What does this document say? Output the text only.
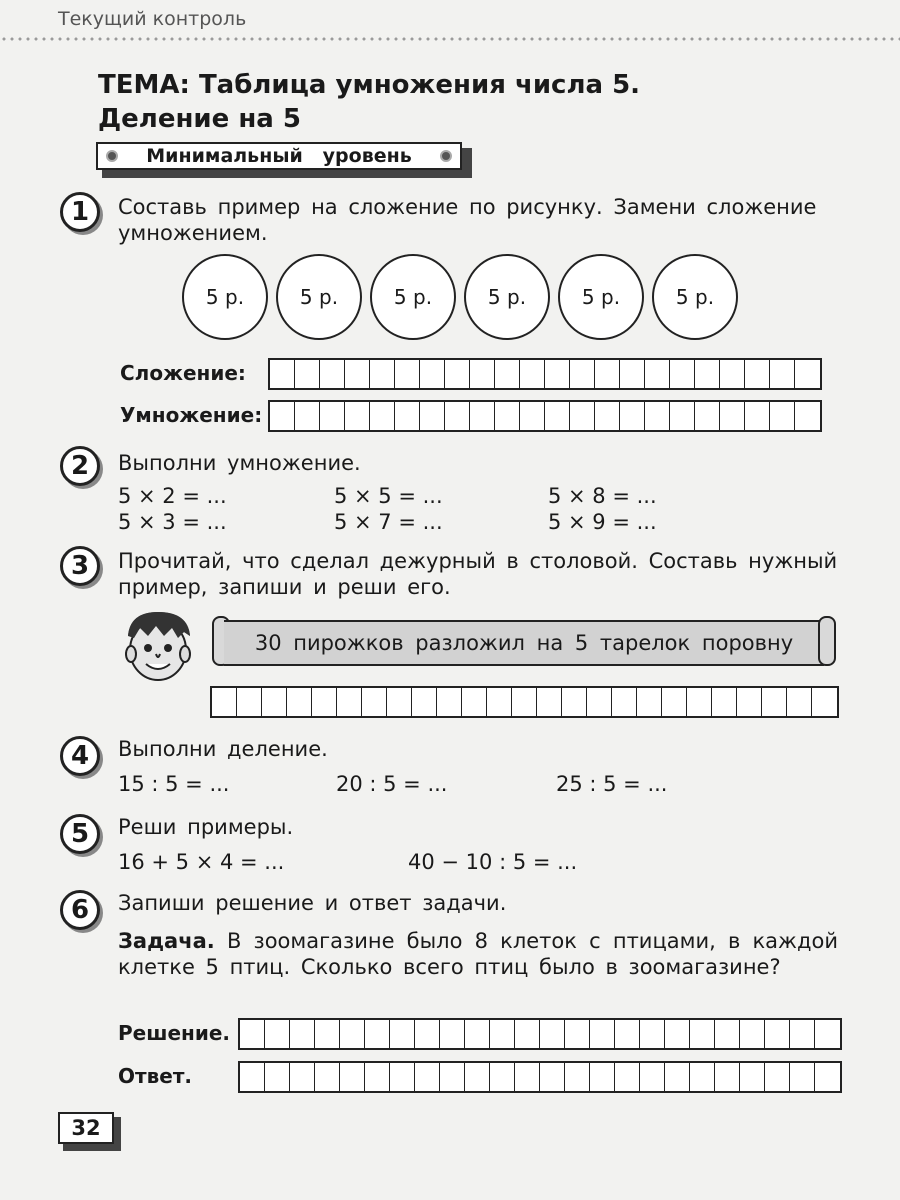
Текущий контроль
ТЕМА: Таблица умножения числа 5.
Деление на 5
Минимальный   уровень
1	Составь пример на сложение по рисунку. Замени сложение умножением.
5 р.	5 р.	5 р.	5 р.	5 р.	5 р.
Сложение:
Умножение:
2	Выполни умножение.
5 × 2 = ...	5 × 5 = ...	5 × 8 = ...
5 × 3 = ...	5 × 7 = ...	5 × 9 = ...
3	Прочитай, что сделал дежурный в столовой. Составь нужный пример, запиши и реши его.
30 пирожков разложил на 5 тарелок поровну
4	Выполни деление.
15 : 5 = ...	20 : 5 = ...	25 : 5 = ...
5	Реши примеры.
16 + 5 × 4 = ...	40 − 10 : 5 = ...
6	Запиши решение и ответ задачи.
Задача. В зоомагазине было 8 клеток с птицами, в каждой клетке 5 птиц. Сколько всего птиц было в зоомагазине?
Решение.
Ответ.
32
